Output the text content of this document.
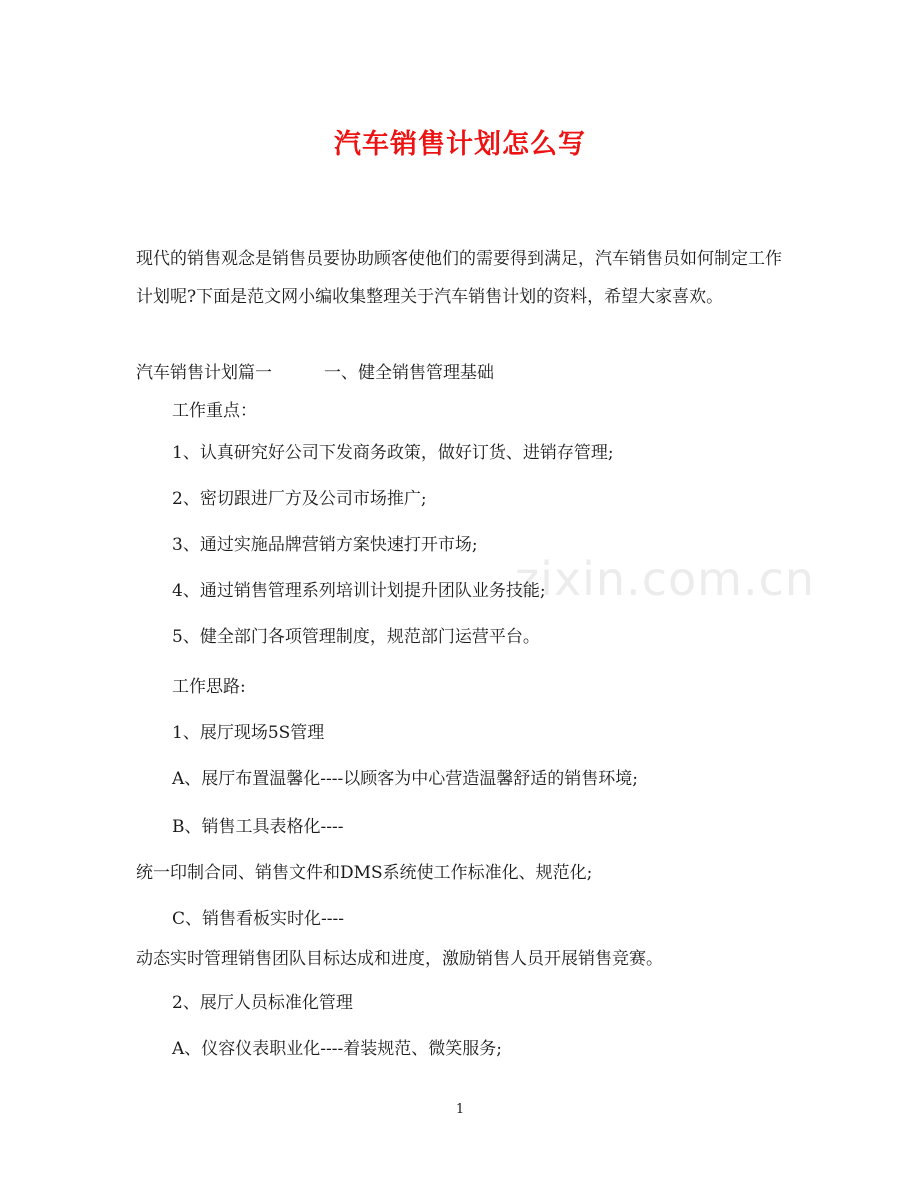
zixin.com.cn
汽车销售计划怎么写
现代的销售观念是销售员要协助顾客使他们的需要得到满足，汽车销售员如何制定工作计划呢?下面是范文网小编收集整理关于汽车销售计划的资料，希望大家喜欢。
汽车销售计划篇一	一、健全销售管理基础
工作重点：
1、认真研究好公司下发商务政策，做好订货、进销存管理;
2、密切跟进厂方及公司市场推广;
3、通过实施品牌营销方案快速打开市场;
4、通过销售管理系列培训计划提升团队业务技能;
5、健全部门各项管理制度，规范部门运营平台。
工作思路:
1、展厅现场5S管理
A、展厅布置温馨化----以顾客为中心营造温馨舒适的销售环境;
B、销售工具表格化----
统一印制合同、销售文件和DMS系统使工作标准化、规范化;
C、销售看板实时化----
动态实时管理销售团队目标达成和进度，激励销售人员开展销售竞赛。
2、展厅人员标准化管理
A、仪容仪表职业化----着装规范、微笑服务;
1
